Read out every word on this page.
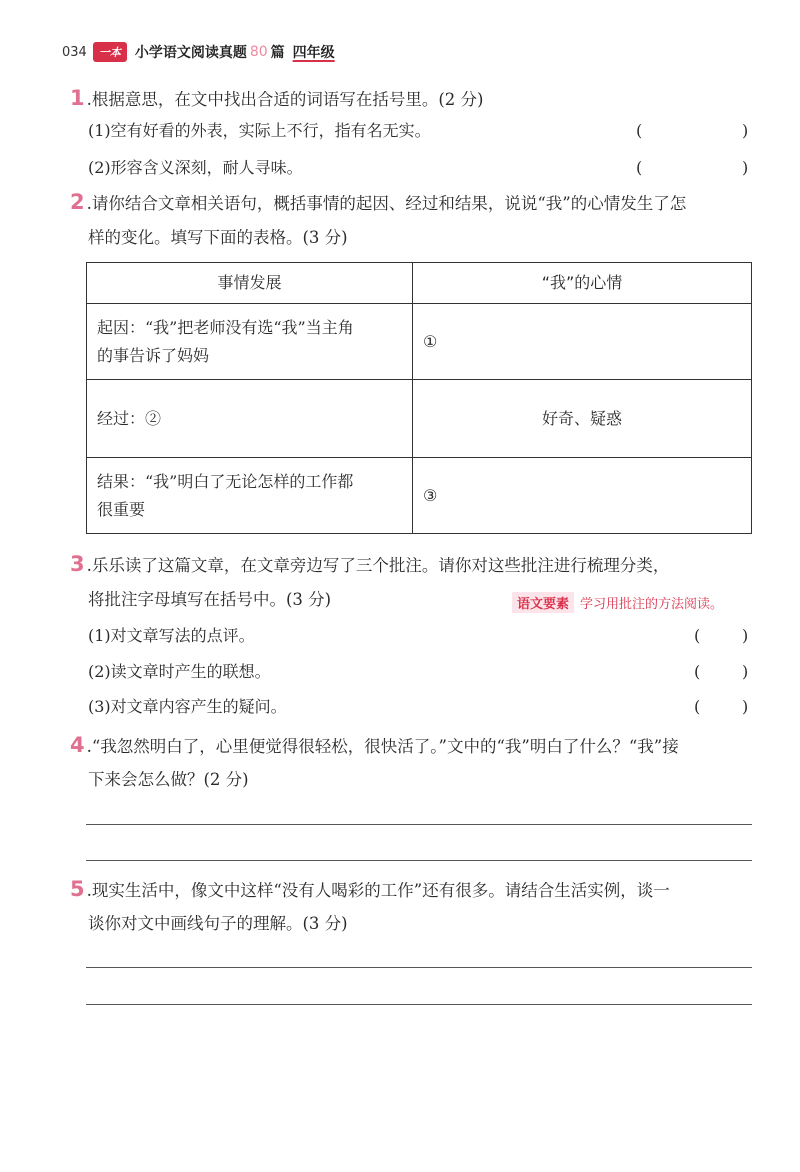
034	一本	小学语文阅读真题 80 篇 四年级
1 .根据意思，在文中找出合适的词语写在括号里。(2 分)
(1)空有好看的外表，实际上不行，指有名无实。	(	)
(2)形容含义深刻，耐人寻味。	(	)
2 .请你结合文章相关语句，概括事情的起因、经过和结果，说说“我”的心情发生了怎
样的变化。填写下面的表格。(3 分)
事情发展	“我”的心情

起因：“我”把老师没有选“我”当主角
的事告诉了妈妈	①

经过：②	好奇、疑惑

结果：“我”明白了无论怎样的工作都
很重要	③
3 .乐乐读了这篇文章，在文章旁边写了三个批注。请你对这些批注进行梳理分类，
将批注字母填写在括号中。(3 分)	语文要素 学习用批注的方法阅读。
(1)对文章写法的点评。	(	)
(2)读文章时产生的联想。	(	)
(3)对文章内容产生的疑问。	(	)
4 .“我忽然明白了，心里便觉得很轻松，很快活了。”文中的“我”明白了什么？“我”接
下来会怎么做？(2 分)
5 .现实生活中，像文中这样“没有人喝彩的工作”还有很多。请结合生活实例，谈一
谈你对文中画线句子的理解。(3 分)
